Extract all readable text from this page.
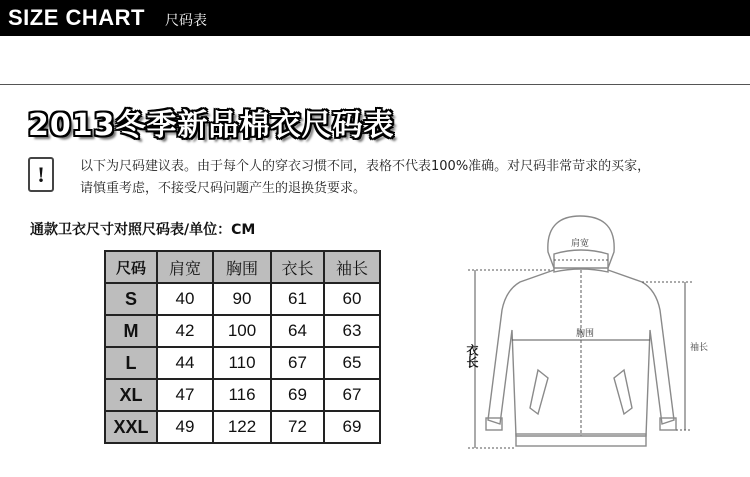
SIZE CHART 尺码表
2013冬季新品棉衣尺码表
!	以下为尺码建议表。由于每个人的穿衣习惯不同，表格不代表100%准确。对尺码非常苛求的买家，
请慎重考虑，不接受尺码问题产生的退换货要求。
通款卫衣尺寸对照尺码表/单位：CM
尺码	肩宽	胸围	衣长	袖长
S	40	90	61	60
M	42	100	64	63
L	44	110	67	65
XL	47	116	69	67
XXL	49	122	72	69
肩宽
胸围
衣长	袖长
